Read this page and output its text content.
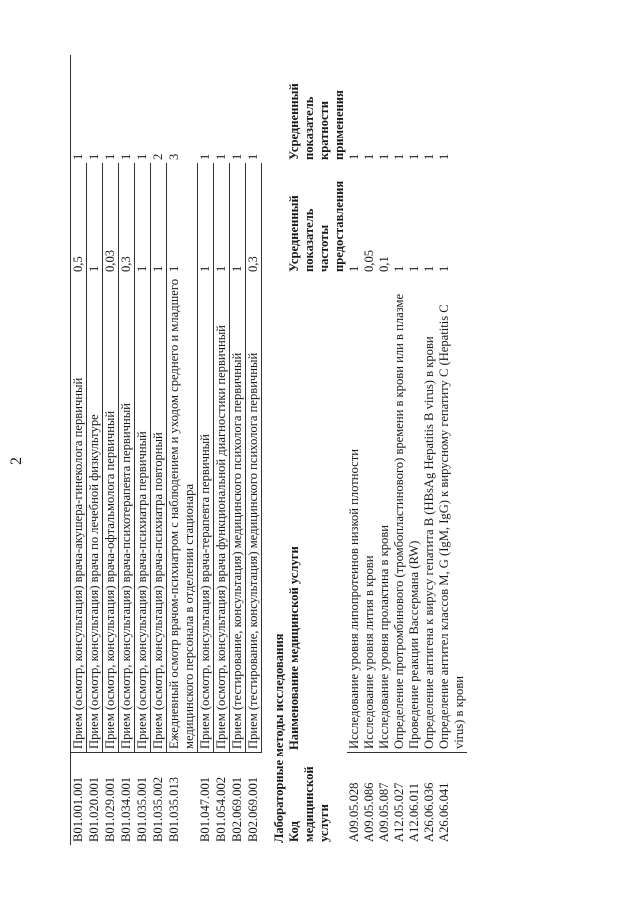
2
B01.001.001
Прием (осмотр, консультация) врача-акушера-гинеколога первичный
0,5
1
B01.020.001
Прием (осмотр, консультация) врача по лечебной физкультуре
1
1
B01.029.001
Прием (осмотр, консультация) врача-офтальмолога первичный
0,03
1
B01.034.001
Прием (осмотр, консультация) врача-психотерапевта первичный
0,3
1
B01.035.001
Прием (осмотр, консультация) врача-психиатра первичный
1
1
B01.035.002
Прием (осмотр, консультация) врача-психиатра повторный
1
2
B01.035.013
Ежедневный осмотр врачом-психиатром с наблюдением и уходом среднего и младшего медицинского персонала в отделении стационара
1
3
B01.047.001
Прием (осмотр, консультация) врача-терапевта первичный
1
1
B01.054.002
Прием (осмотр, консультация) врача функциональной диагностики первичный
1
1
B02.069.001
Прием (тестирование, консультация) медицинского психолога первичный
1
1
B02.069.001
Прием (тестирование, консультация) медицинского психолога первичный
0,3
1
Лабораторные методы исследования Код медицинской услуги
Наименование медицинской услуги
Усредненный показатель частоты предоставления
Усредненный показатель кратности применения
A09.05.028
Исследование уровня липопротеинов низкой плотности
1
1
A09.05.086
Исследование уровня лития в крови
0,05
1
A09.05.087
Исследование уровня пролактина в крови
0,1
1
A12.05.027
Определение протромбинового (тромбопластинового) времени в крови или в плазме
1
1
A12.06.011
Проведение реакции Вассермана (RW)
1
1
A26.06.036
Определение антигена к вирусу гепатита B (HBsAg Hepatitis B virus) в крови
1
1
A26.06.041
Определение антител классов M, G (IgM, IgG) к вирусному гепатиту C (Hepatitis C virus) в крови
1
1
